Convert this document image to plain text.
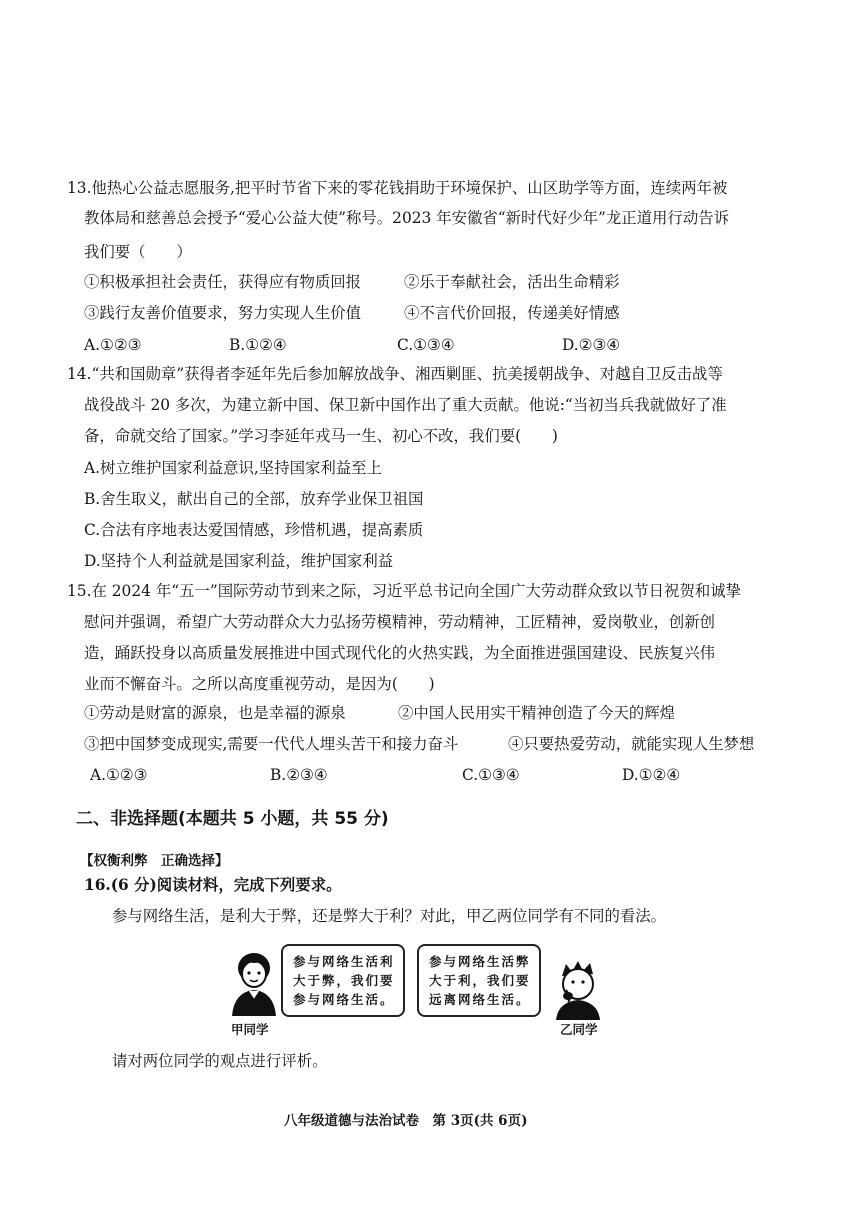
13.他热心公益志愿服务,把平时节省下来的零花钱捐助于环境保护、山区助学等方面，连续两年被
教体局和慈善总会授予“爱心公益大使”称号。2023 年安徽省“新时代好少年”龙正道用行动告诉
我们要（　　）
①积极承担社会责任，获得应有物质回报	②乐于奉献社会，活出生命精彩
③践行友善价值要求，努力实现人生价值	④不言代价回报，传递美好情感
A.①②③	B.①②④	C.①③④	D.②③④
14.“共和国勋章”获得者李延年先后参加解放战争、湘西剿匪、抗美援朝战争、对越自卫反击战等
战役战斗 20 多次，为建立新中国、保卫新中国作出了重大贡献。他说:“当初当兵我就做好了准
备，命就交给了国家。”学习李延年戎马一生、初心不改，我们要(　　)
A.树立维护国家利益意识,坚持国家利益至上
B.舍生取义，献出自己的全部，放弃学业保卫祖国
C.合法有序地表达爱国情感，珍惜机遇，提高素质
D.坚持个人利益就是国家利益，维护国家利益
15.在 2024 年“五一”国际劳动节到来之际，习近平总书记向全国广大劳动群众致以节日祝贺和诚挚
慰问并强调，希望广大劳动群众大力弘扬劳模精神，劳动精神，工匠精神，爱岗敬业，创新创
造，踊跃投身以高质量发展推进中国式现代化的火热实践，为全面推进强国建设、民族复兴伟
业而不懈奋斗。之所以高度重视劳动，是因为(　　)
①劳动是财富的源泉，也是幸福的源泉	②中国人民用实干精神创造了今天的辉煌
③把中国梦变成现实,需要一代代人埋头苦干和接力奋斗	④只要热爱劳动，就能实现人生梦想
A.①②③	B.②③④	C.①③④	D.①②④
二、非选择题(本题共 5 小题，共 55 分)
【权衡利弊　正确选择】
16.(6 分)阅读材料，完成下列要求。
参与网络生活，是利大于弊，还是弊大于利？对此，甲乙两位同学有不同的看法。
参与网络生活利
大于弊，我们要
参与网络生活。
参与网络生活弊
大于利，我们要
远离网络生活。
甲同学	乙同学
请对两位同学的观点进行评析。
八年级道德与法治试卷　第 3页(共 6页)
